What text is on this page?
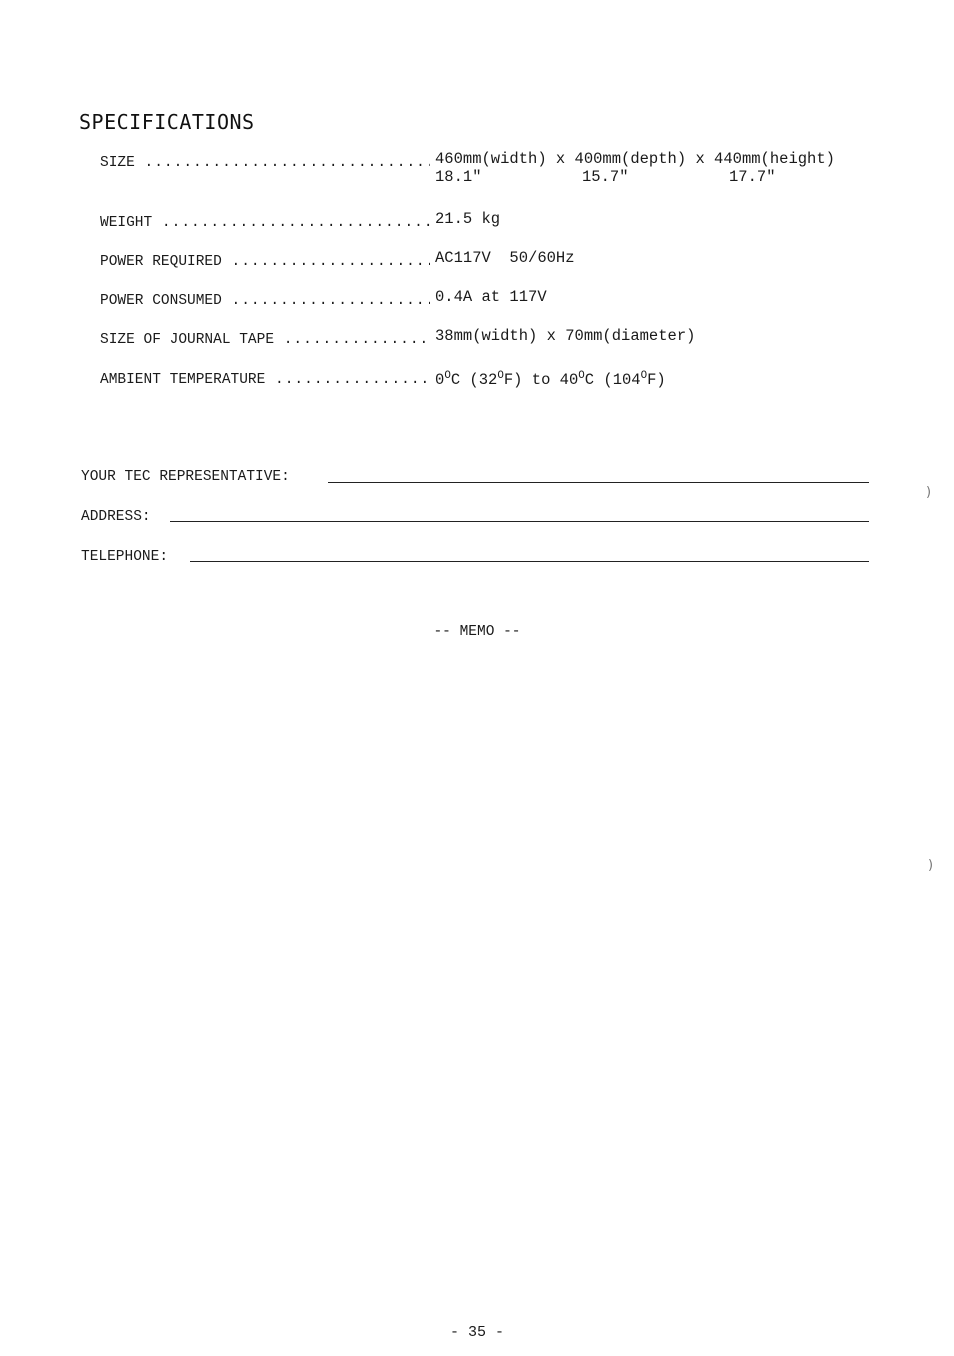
SPECIFICATIONS
SIZE .....	460mm(width) x 400mm(depth) x 440mm(height)
18.1"	15.7"	17.7"
WEIGHT .....	21.5 kg
POWER REQUIRED .....	AC117V  50/60Hz
POWER CONSUMED .....	0.4A at 117V
SIZE OF JOURNAL TAPE .....	38mm(width) x 70mm(diameter)
AMBIENT TEMPERATURE .....	$0^OC$ $(32^OF)$ to $40^OC$ $(104^OF)$
YOUR TEC REPRESENTATIVE:
ADDRESS:
TELEPHONE:
-- MEMO --
- 35 -
)
)
